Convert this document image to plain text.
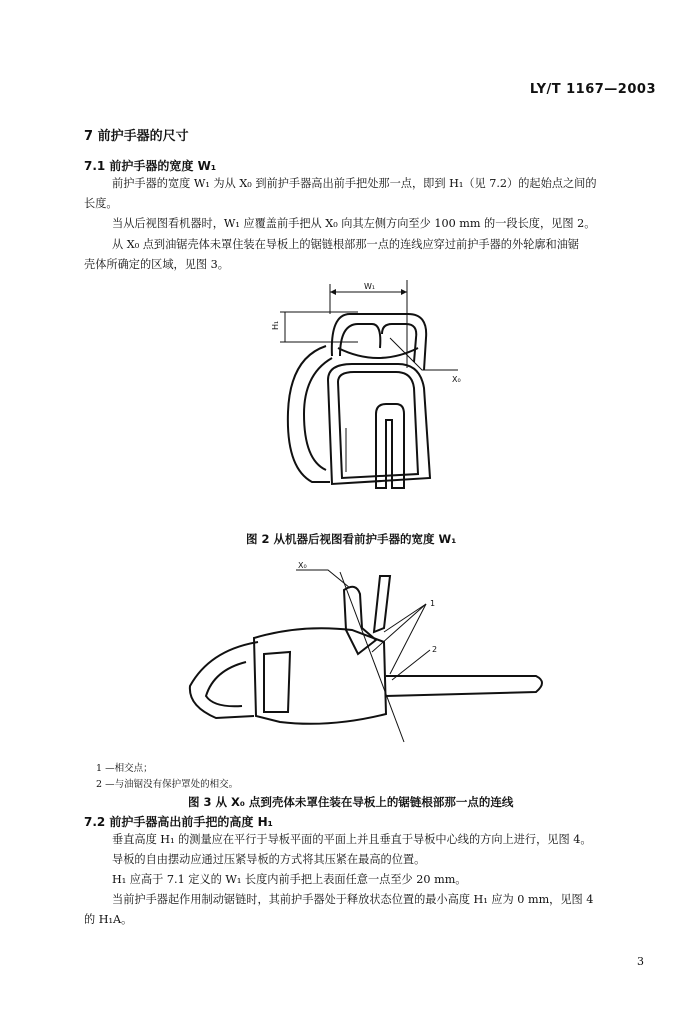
LY/T 1167—2003
7 前护手器的尺寸
7.1 前护手器的宽度 W₁
前护手器的宽度 W₁ 为从 X₀ 到前护手器高出前手把处那一点，即到 H₁（见 7.2）的起始点之间的
长度。
当从后视图看机器时，W₁ 应覆盖前手把从 X₀ 向其左侧方向至少 100 mm 的一段长度，见图 2。
从 X₀ 点到油锯壳体未罩住装在导板上的锯链根部那一点的连线应穿过前护手器的外轮廓和油锯
壳体所确定的区域，见图 3。
W₁
H₁
X₀
图 2 从机器后视图看前护手器的宽度 W₁
X₀
1
2
1 —相交点；
2 —与油锯没有保护罩处的相交。
图 3 从 X₀ 点到壳体未罩住装在导板上的锯链根部那一点的连线
7.2 前护手器高出前手把的高度 H₁
垂直高度 H₁ 的测量应在平行于导板平面的平面上并且垂直于导板中心线的方向上进行，见图 4。
导板的自由摆动应通过压紧导板的方式将其压紧在最高的位置。
H₁ 应高于 7.1 定义的 W₁ 长度内前手把上表面任意一点至少 20 mm。
当前护手器起作用制动锯链时，其前护手器处于释放状态位置的最小高度 H₁ 应为 0 mm，见图 4
的 H₁A。
3
